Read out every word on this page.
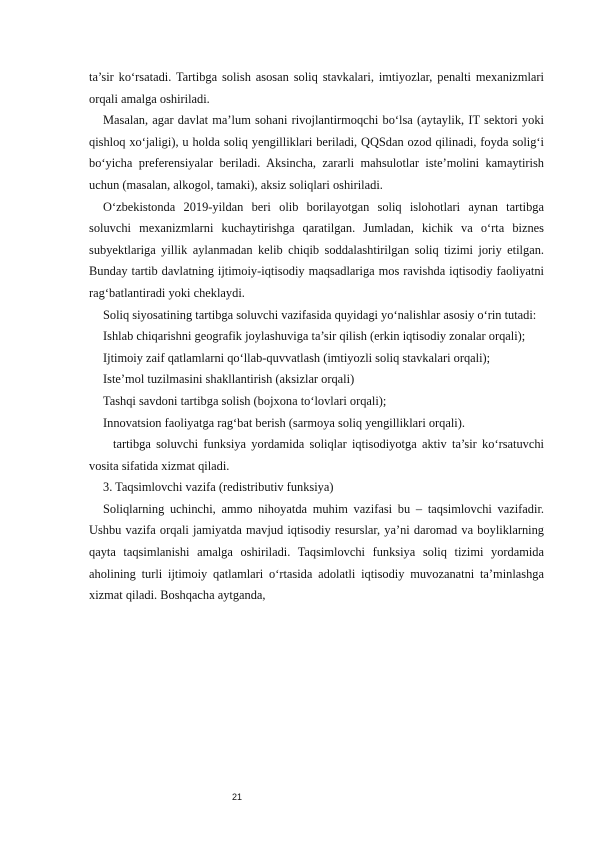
ta’sir ko‘rsatadi. Tartibga solish asosan soliq stavkalari, imtiyozlar, penalti mexanizmlari orqali amalga oshiriladi.

Masalan, agar davlat ma’lum sohani rivojlantirmoqchi bo‘lsa (aytaylik, IT sektori yoki qishloq xo‘jaligi), u holda soliq yengilliklari beriladi, QQSdan ozod qilinadi, foyda solig‘i bo‘yicha preferensiyalar beriladi. Aksincha, zararli mahsulotlar iste’molini kamaytirish uchun (masalan, alkogol, tamaki), aksiz soliqlari oshiriladi.

O‘zbekistonda 2019-yildan beri olib borilayotgan soliq islohotlari aynan tartibga soluvchi mexanizmlarni kuchaytirishga qaratilgan. Jumladan, kichik va o‘rta biznes subyektlariga yillik aylanmadan kelib chiqib soddalashtirilgan soliq tizimi joriy etilgan. Bunday tartib davlatning ijtimoiy-iqtisodiy maqsadlariga mos ravishda iqtisodiy faoliyatni rag‘batlantiradi yoki cheklaydi.

Soliq siyosatining tartibga soluvchi vazifasida quyidagi yo‘nalishlar asosiy o‘rin tutadi:

Ishlab chiqarishni geografik joylashuviga ta’sir qilish (erkin iqtisodiy zonalar orqali);

Ijtimoiy zaif qatlamlarni qo‘llab-quvvatlash (imtiyozli soliq stavkalari orqali);

Iste’mol tuzilmasini shakllantirish (aksizlar orqali)

Tashqi savdoni tartibga solish (bojxona to‘lovlari orqali);

Innovatsion faoliyatga rag‘bat berish (sarmoya soliq yengilliklari orqali).

tartibga soluvchi funksiya yordamida soliqlar iqtisodiyotga aktiv ta’sir ko‘rsatuvchi vosita sifatida xizmat qiladi.

3. Taqsimlovchi vazifa (redistributiv funksiya)

Soliqlarning uchinchi, ammo nihoyatda muhim vazifasi bu – taqsimlovchi vazifadir. Ushbu vazifa orqali jamiyatda mavjud iqtisodiy resurslar, ya’ni daromad va boyliklarning qayta taqsimlanishi amalga oshiriladi. Taqsimlovchi funksiya soliq tizimi yordamida aholining turli ijtimoiy qatlamlari o‘rtasida adolatli iqtisodiy muvozanatni ta’minlashga xizmat qiladi. Boshqacha aytganda,

21
